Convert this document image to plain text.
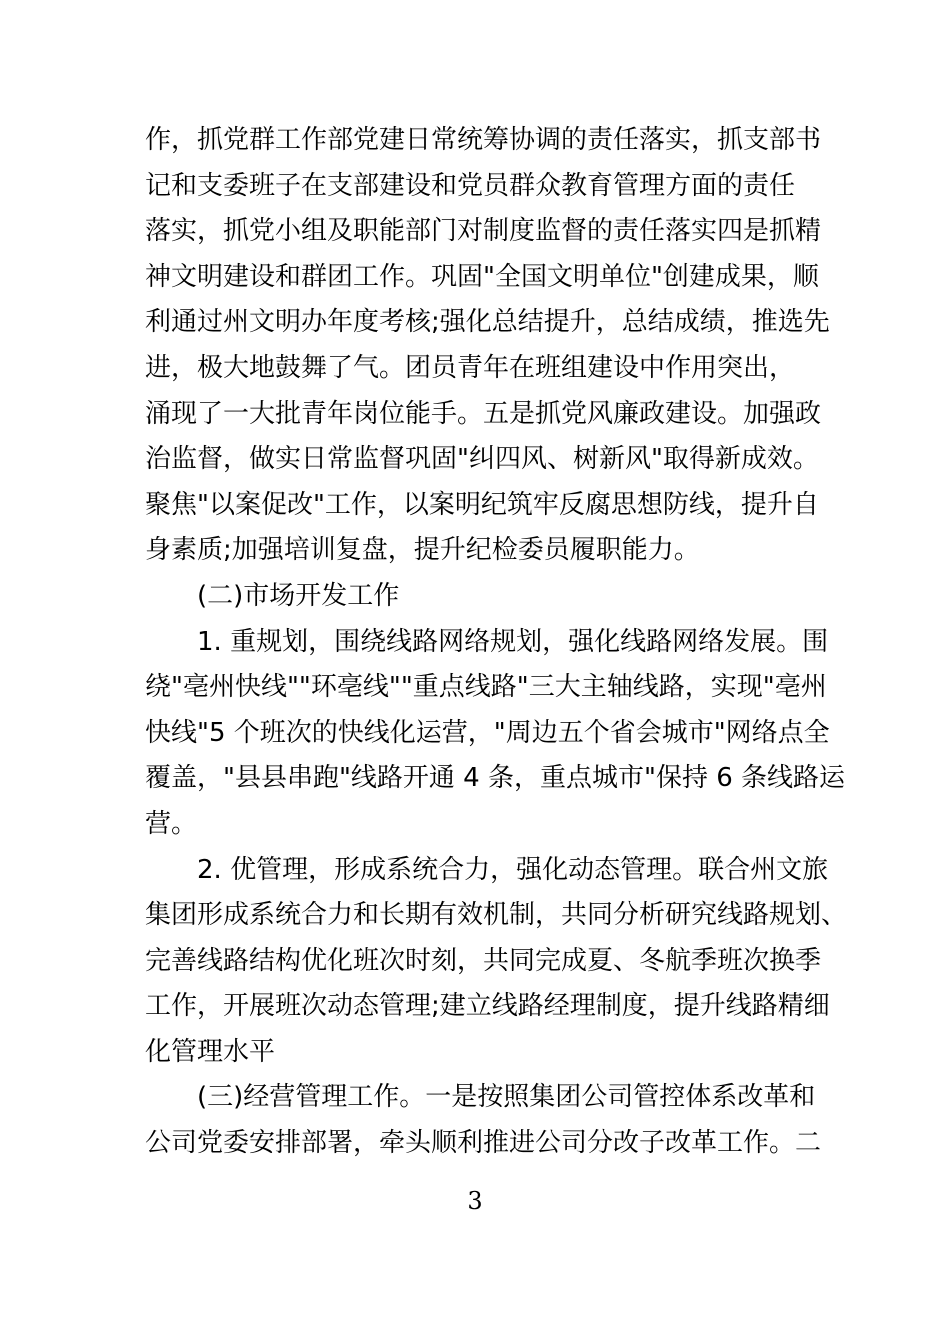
作，抓党群工作部党建日常统筹协调的责任落实，抓支部书
记和支委班子在支部建设和党员群众教育管理方面的责任
落实，抓党小组及职能部门对制度监督的责任落实四是抓精
神文明建设和群团工作。巩固"全国文明单位"创建成果，顺
利通过州文明办年度考核;强化总结提升，总结成绩，推选先
进，极大地鼓舞了气。团员青年在班组建设中作用突出，
涌现了一大批青年岗位能手。五是抓党风廉政建设。加强政
治监督，做实日常监督巩固"纠四风、树新风"取得新成效。
聚焦"以案促改"工作，以案明纪筑牢反腐思想防线，提升自
身素质;加强培训复盘，提升纪检委员履职能力。
(二)市场开发工作
1. 重规划，围绕线路网络规划，强化线路网络发展。围
绕"亳州快线""环亳线""重点线路"三大主轴线路，实现"亳州
快线"5 个班次的快线化运营，"周边五个省会城市"网络点全
覆盖，"县县串跑"线路开通 4 条，重点城市"保持 6 条线路运
营。
2. 优管理，形成系统合力，强化动态管理。联合州文旅
集团形成系统合力和长期有效机制，共同分析研究线路规划、
完善线路结构优化班次时刻，共同完成夏、冬航季班次换季
工作，开展班次动态管理;建立线路经理制度，提升线路精细
化管理水平
(三)经营管理工作。一是按照集团公司管控体系改革和
公司党委安排部署，牵头顺利推进公司分改子改革工作。二
3
